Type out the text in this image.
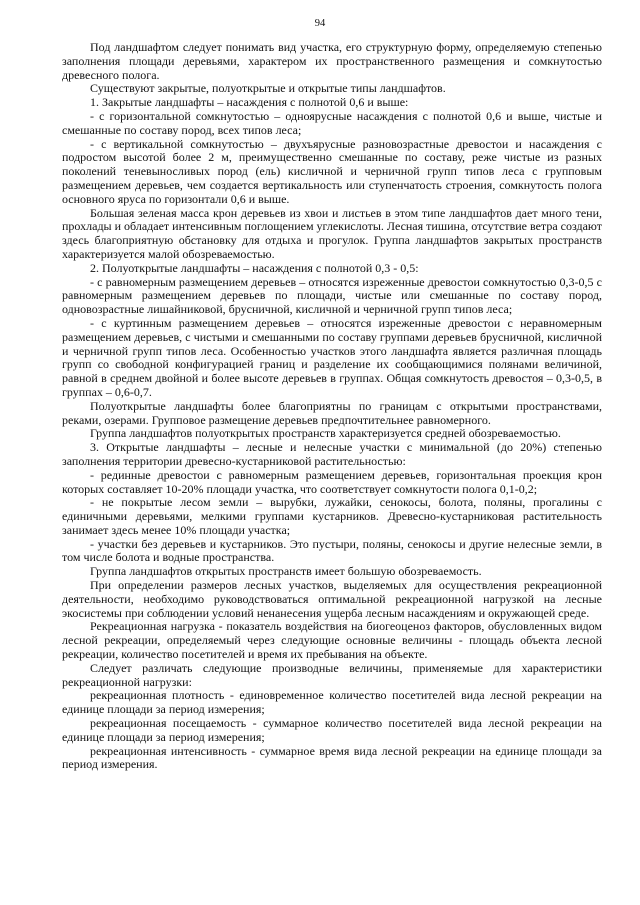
94

Под ландшафтом следует понимать вид участка, его структурную форму, определяемую степенью заполнения площади деревьями, характером их пространственного размещения и сомкнутостью древесного полога.

Существуют закрытые, полуоткрытые и открытые типы ландшафтов.

1. Закрытые ландшафты – насаждения с полнотой 0,6 и выше:

- с горизонтальной сомкнутостью – одноярусные насаждения с полнотой 0,6 и выше, чистые и смешанные по составу пород, всех типов леса;

- с вертикальной сомкнутостью – двухъярусные разновозрастные древостои и насаждения с подростом высотой более 2 м, преимущественно смешанные по составу, реже чистые из разных поколений теневыносливых пород (ель) кисличной и черничной групп типов леса с групповым размещением деревьев, чем создается вертикальность или ступенчатость строения, сомкнутость полога основного яруса по горизонтали 0,6 и выше.

Большая зеленая масса крон деревьев из хвои и листьев в этом типе ландшафтов дает много тени, прохлады и обладает интенсивным поглощением углекислоты. Лесная тишина, отсутствие ветра создают здесь благоприятную обстановку для отдыха и прогулок. Группа ландшафтов закрытых пространств характеризуется малой обозреваемостью.

2. Полуоткрытые ландшафты – насаждения с полнотой 0,3 - 0,5:

- с равномерным размещением деревьев – относятся изреженные древостои сомкнутостью 0,3-0,5 с равномерным размещением деревьев по площади, чистые или смешанные по составу пород, одновозрастные лишайниковой, брусничной, кисличной и черничной групп типов леса;

- с куртинным размещением деревьев – относятся изреженные древостои с неравномерным размещением деревьев, с чистыми и смешанными по составу группами деревьев брусничной, кисличной и черничной групп типов леса. Особенностью участков этого ландшафта является различная площадь групп со свободной конфигурацией границ и разделение их сообщающимися полянами величиной, равной в среднем двойной и более высоте деревьев в группах. Общая сомкнутость древостоя – 0,3-0,5, в группах – 0,6-0,7.

Полуоткрытые ландшафты более благоприятны по границам с открытыми пространствами, реками, озерами. Групповое размещение деревьев предпочтительнее равномерного.

Группа ландшафтов полуоткрытых пространств характеризуется средней обозреваемостью.

3. Открытые ландшафты – лесные и нелесные участки с минимальной (до 20%) степенью заполнения территории древесно-кустарниковой растительностью:

- рединные древостои с равномерным размещением деревьев, горизонтальная проекция крон которых составляет 10-20% площади участка, что соответствует сомкнутости полога 0,1-0,2;

- не покрытые лесом земли – вырубки, лужайки, сенокосы, болота, поляны, прогалины с единичными деревьями, мелкими группами кустарников. Древесно-кустарниковая растительность занимает здесь менее 10% площади участка;

- участки без деревьев и кустарников. Это пустыри, поляны, сенокосы и другие нелесные земли, в том числе болота и водные пространства.

Группа ландшафтов открытых пространств имеет большую обозреваемость.

При определении размеров лесных участков, выделяемых для осуществления рекреационной деятельности, необходимо руководствоваться оптимальной рекреационной нагрузкой на лесные экосистемы при соблюдении условий ненанесения ущерба лесным насаждениям и окружающей среде.

Рекреационная нагрузка - показатель воздействия на биогеоценоз факторов, обусловленных видом лесной рекреации, определяемый через следующие основные величины - площадь объекта лесной рекреации, количество посетителей и время их пребывания на объекте.

Следует различать следующие производные величины, применяемые для характеристики рекреационной нагрузки:

рекреационная плотность - единовременное количество посетителей вида лесной рекреации на единице площади за период измерения;

рекреационная посещаемость - суммарное количество посетителей вида лесной рекреации на единице площади за период измерения;

рекреационная интенсивность - суммарное время вида лесной рекреации на единице площади за период измерения.
